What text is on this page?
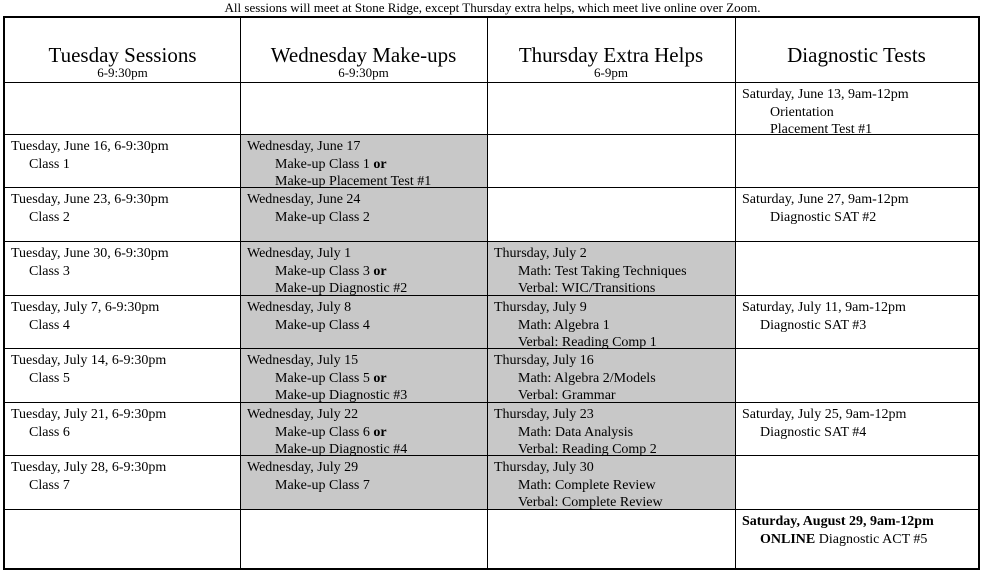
All sessions will meet at Stone Ridge, except Thursday extra helps, which meet live online over Zoom.
Tuesday Sessions
6-9:30pm
Wednesday Make-ups
6-9:30pm
Thursday Extra Helps
6-9pm
Diagnostic Tests
Saturday, June 13, 9am-12pm
Orientation
Placement Test #1
Tuesday, June 16, 6-9:30pm
Class 1
Wednesday, June 17
Make-up Class 1 or
Make-up Placement Test #1
Tuesday, June 23, 6-9:30pm
Class 2
Wednesday, June 24
Make-up Class 2
Saturday, June 27, 9am-12pm
Diagnostic SAT #2
Tuesday, June 30, 6-9:30pm
Class 3
Wednesday, July 1
Make-up Class 3 or
Make-up Diagnostic #2
Thursday, July 2
Math: Test Taking Techniques
Verbal: WIC/Transitions
Tuesday, July 7, 6-9:30pm
Class 4
Wednesday, July 8
Make-up Class 4
Thursday, July 9
Math: Algebra 1
Verbal: Reading Comp 1
Saturday, July 11, 9am-12pm
Diagnostic SAT #3
Tuesday, July 14, 6-9:30pm
Class 5
Wednesday, July 15
Make-up Class 5 or
Make-up Diagnostic #3
Thursday, July 16
Math: Algebra 2/Models
Verbal: Grammar
Tuesday, July 21, 6-9:30pm
Class 6
Wednesday, July 22
Make-up Class 6 or
Make-up Diagnostic #4
Thursday, July 23
Math: Data Analysis
Verbal: Reading Comp 2
Saturday, July 25, 9am-12pm
Diagnostic SAT #4
Tuesday, July 28, 6-9:30pm
Class 7
Wednesday, July 29
Make-up Class 7
Thursday, July 30
Math: Complete Review
Verbal: Complete Review
Saturday, August 29, 9am-12pm
ONLINE Diagnostic ACT #5
